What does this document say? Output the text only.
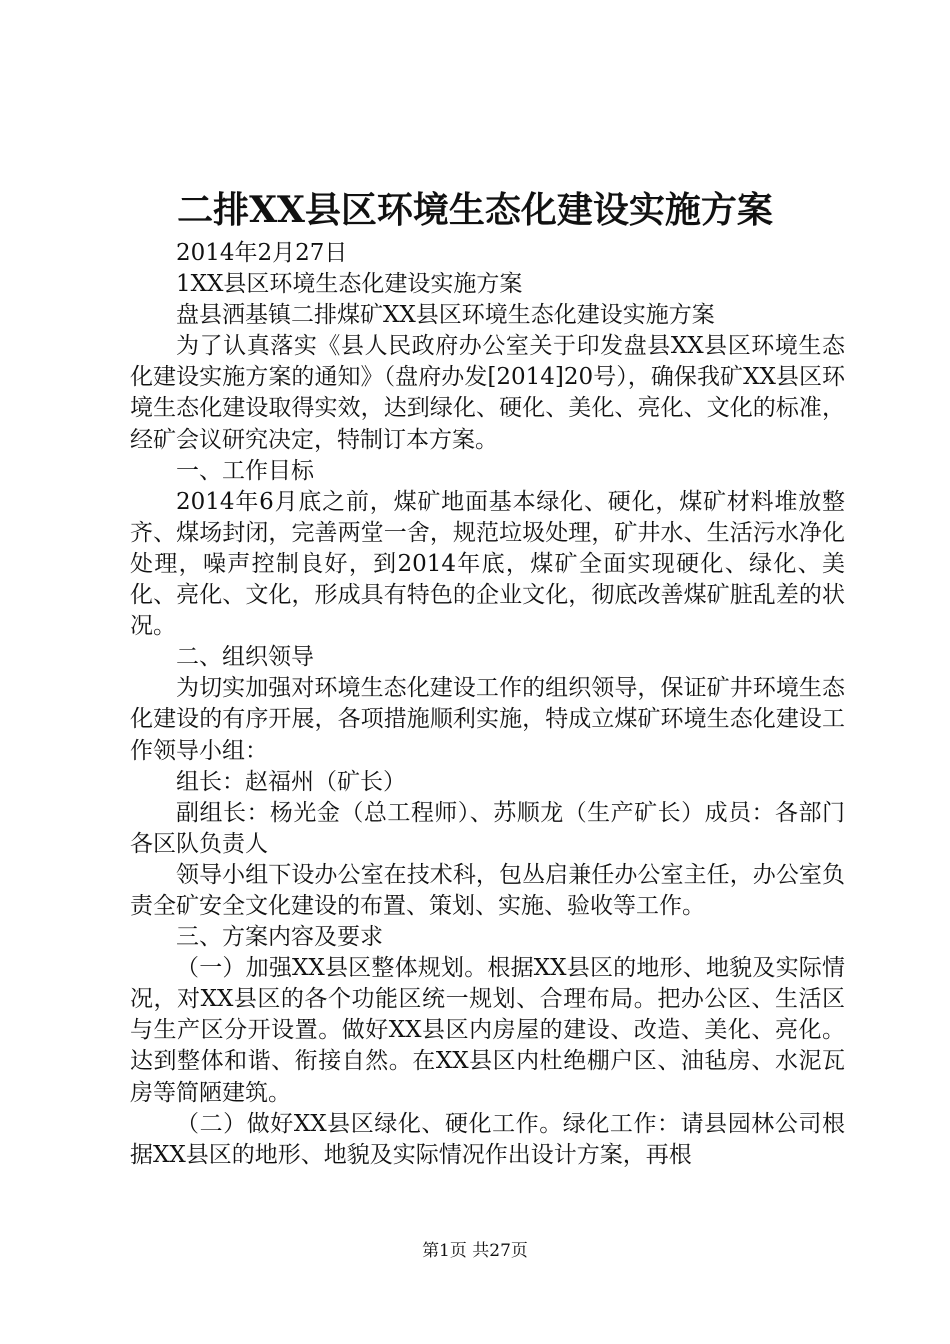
二排XX县区环境生态化建设实施方案

2014年2月27日

1XX县区环境生态化建设实施方案

盘县洒基镇二排煤矿XX县区环境生态化建设实施方案

为了认真落实《县人民政府办公室关于印发盘县XX县区环境生态化建设实施方案的通知》（盘府办发[2014]20号），确保我矿XX县区环境生态化建设取得实效，达到绿化、硬化、美化、亮化、文化的标准，经矿会议研究决定，特制订本方案。

一、工作目标

2014年6月底之前，煤矿地面基本绿化、硬化，煤矿材料堆放整齐、煤场封闭，完善两堂一舍，规范垃圾处理，矿井水、生活污水净化处理，噪声控制良好，到2014年底，煤矿全面实现硬化、绿化、美化、亮化、文化，形成具有特色的企业文化，彻底改善煤矿脏乱差的状况。

二、组织领导

为切实加强对环境生态化建设工作的组织领导，保证矿井环境生态化建设的有序开展，各项措施顺利实施，特成立煤矿环境生态化建设工作领导小组：

组长：赵福州（矿长）

副组长：杨光金（总工程师）、苏顺龙（生产矿长）成员：各部门各区队负责人

领导小组下设办公室在技术科，包丛启兼任办公室主任，办公室负责全矿安全文化建设的布置、策划、实施、验收等工作。

三、方案内容及要求

（一）加强XX县区整体规划。根据XX县区的地形、地貌及实际情况，对XX县区的各个功能区统一规划、合理布局。把办公区、生活区与生产区分开设置。做好XX县区内房屋的建设、改造、美化、亮化。达到整体和谐、衔接自然。在XX县区内杜绝棚户区、油毡房、水泥瓦房等简陋建筑。

（二）做好XX县区绿化、硬化工作。绿化工作：请县园林公司根据XX县区的地形、地貌及实际情况作出设计方案，再根

第1页 共27页
